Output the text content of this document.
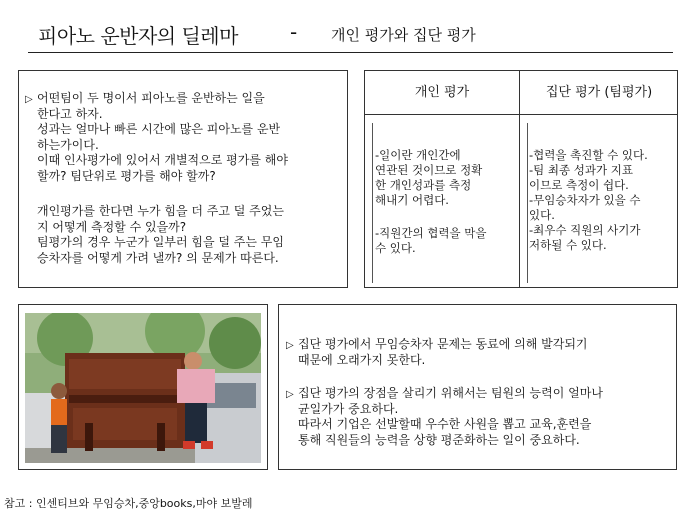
피아노 운반자의 딜레마	- 개인 평가와 집단 평가
▷ 어떤팀이 두 명이서 피아노를 운반하는 일을
한다고 하자.
성과는 얼마나 빠른 시간에 많은 피아노를 운반
하는가이다.
이때 인사평가에 있어서 개별적으로 평가를 해야
할까? 팀단위로 평가를 해야 할까?
개인평가를 한다면 누가 힘을 더 주고 덜 주었는
지 어떻게 측정할 수 있을까?
팀평가의 경우 누군가 일부러 힘을 덜 주는 무임
승차자를 어떻게 가려 낼까? 의 문제가 따른다.
개인 평가	집단 평가 (팀평가)
-일이란 개인간에
연관된 것이므로 정확
한 개인성과를 측정
해내기 어렵다.
-직원간의 협력을 막을
수 있다.
-협력을 촉진할 수 있다.
-팀 최종 성과가 지표
이므로 측정이 쉽다.
-무임승차자가 있을 수
있다.
-최우수 직원의 사기가
저하될 수 있다.
▷ 집단 평가에서 무임승차자 문제는 동료에 의해 발각되기
때문에 오래가지 못한다.
▷ 집단 평가의 장점을 살리기 위해서는 팀원의 능력이 얼마나
균일가가 중요하다.
따라서 기업은 선발할때 우수한 사원을 뽑고 교육,훈련을
통해 직원들의 능력을 상향 평준화하는 일이 중요하다.
참고 : 인센티브와 무임승차,중앙books,마야 보발레
